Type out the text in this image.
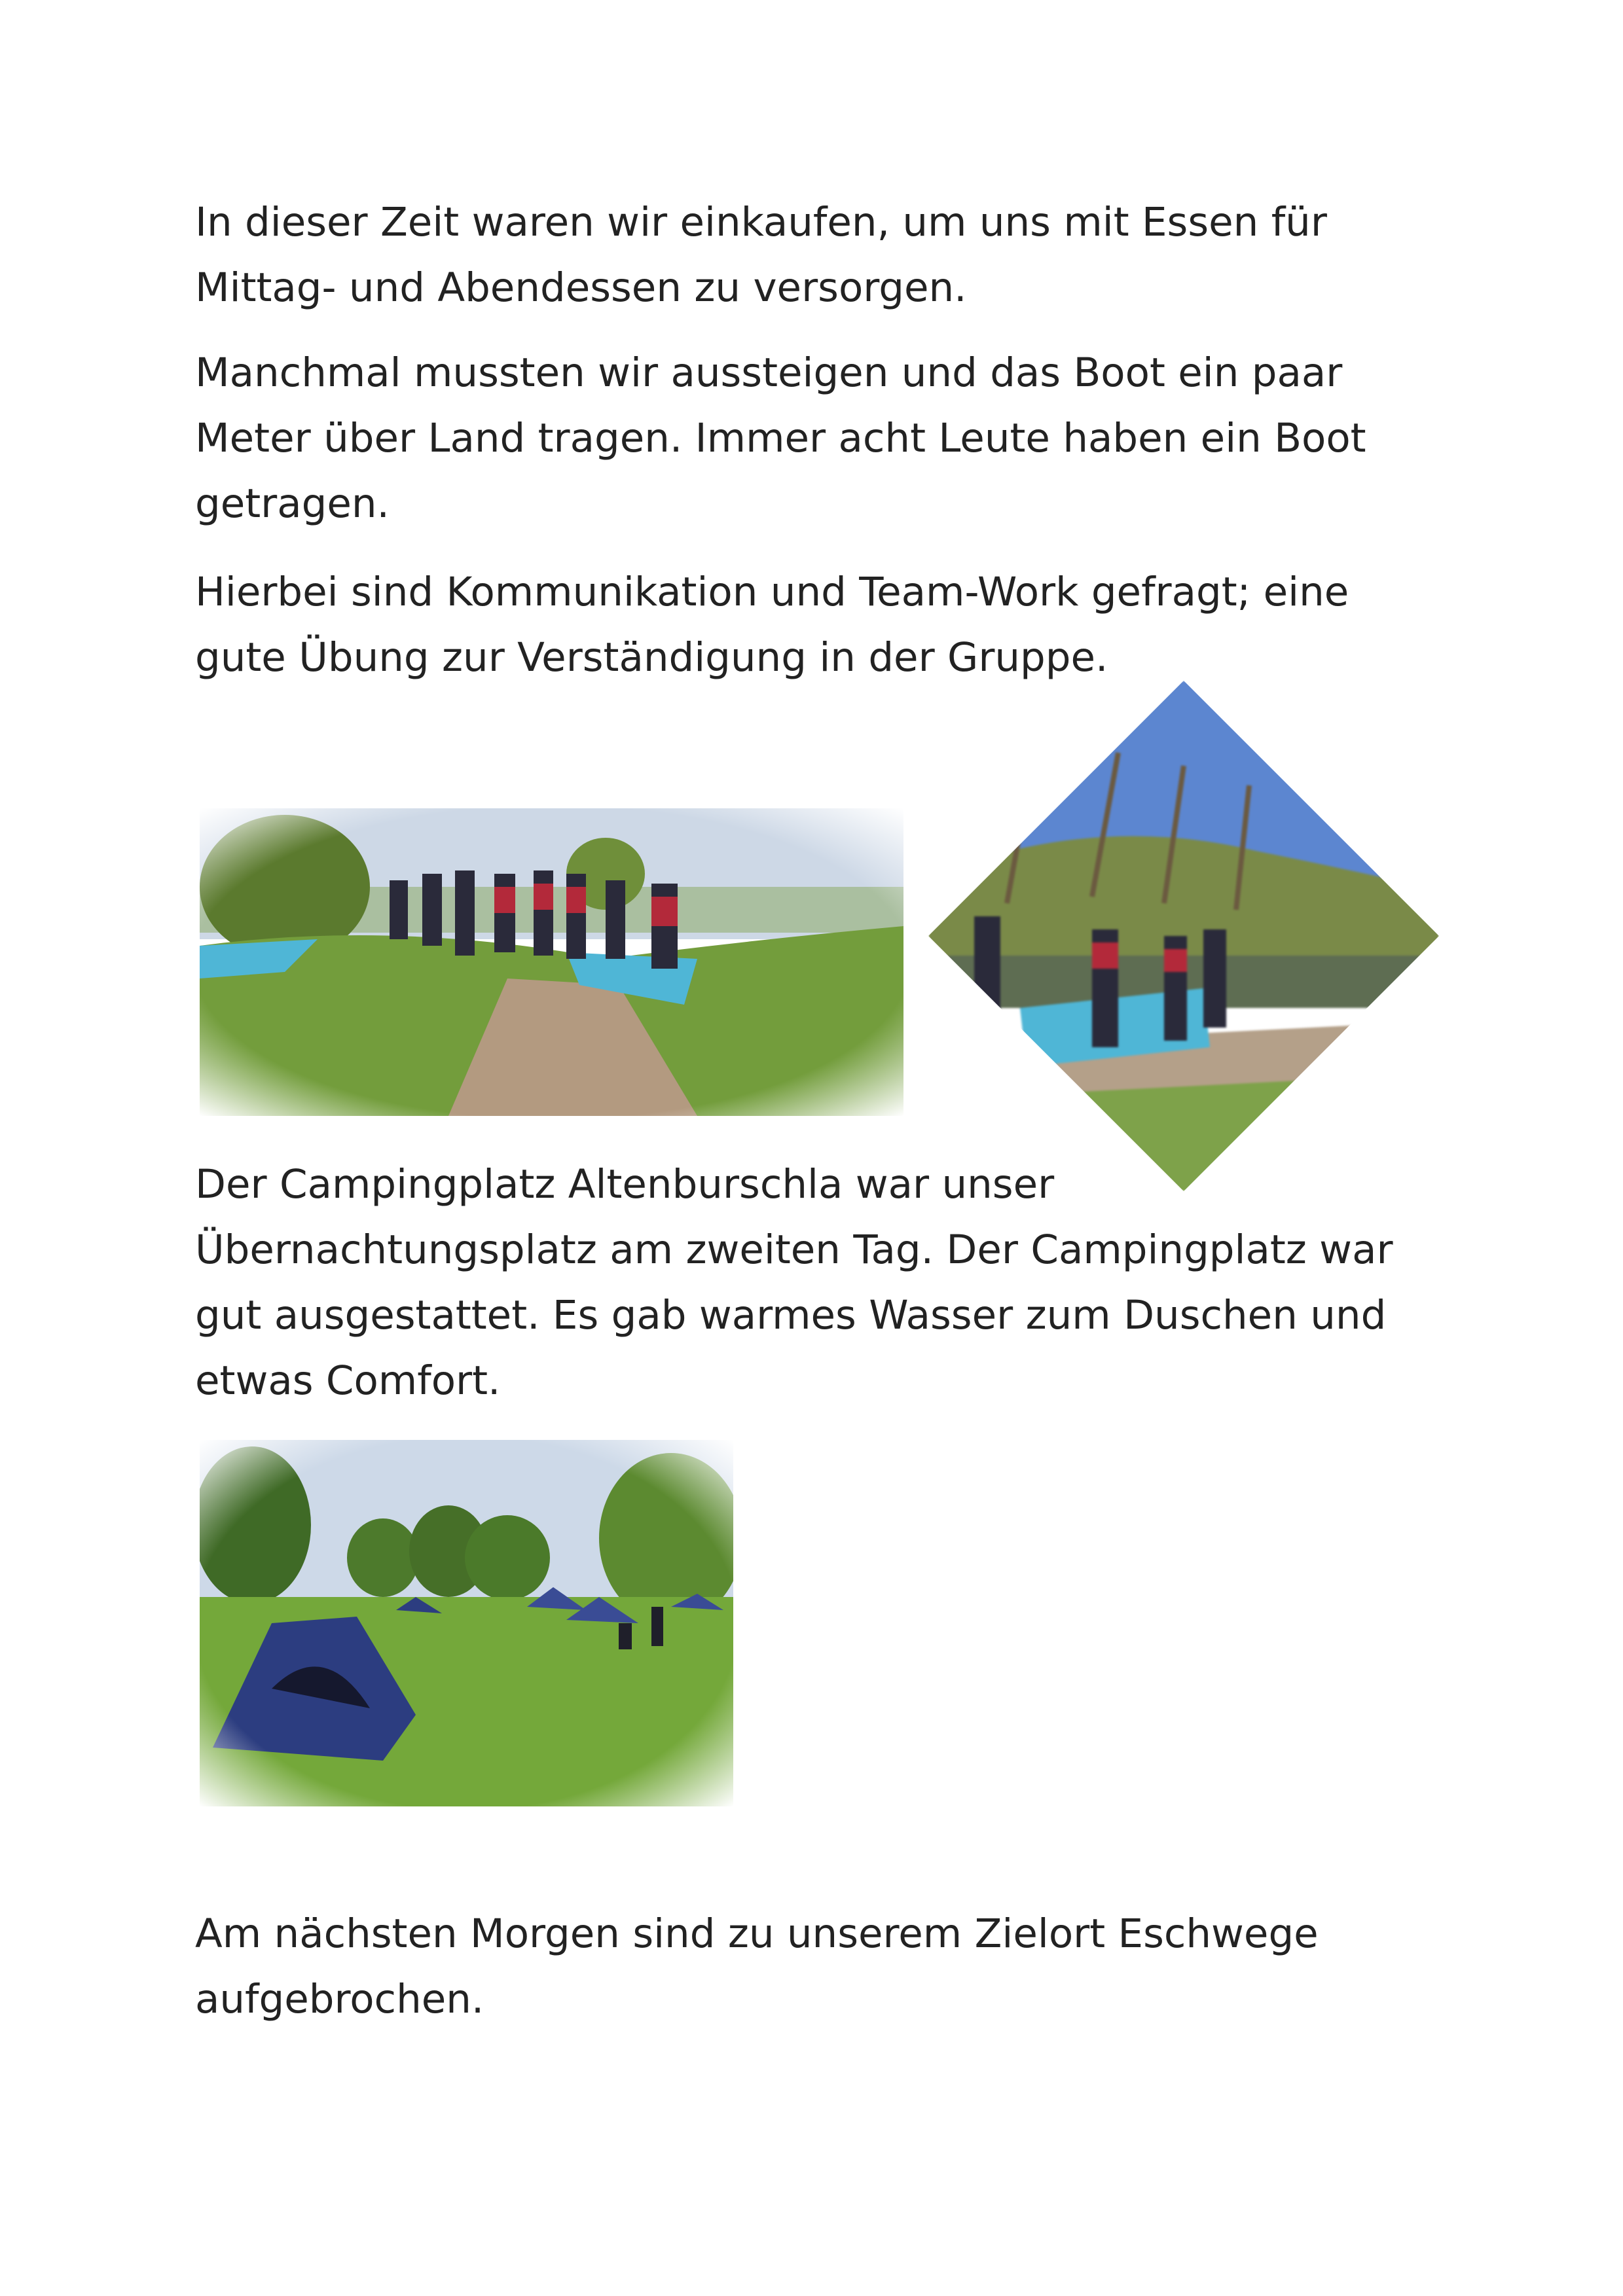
In dieser Zeit waren wir einkaufen, um uns mit Essen für
Mittag- und Abendessen zu versorgen.

Manchmal mussten wir aussteigen und das Boot ein paar
Meter über Land tragen. Immer acht Leute haben ein Boot
getragen.

Hierbei sind Kommunikation und Team-Work gefragt; eine
gute Übung zur Verständigung in der Gruppe.

Der Campingplatz Altenburschla war unser
Übernachtungsplatz am zweiten Tag. Der Campingplatz war
gut ausgestattet. Es gab warmes Wasser zum Duschen und
etwas Comfort.

Am nächsten Morgen sind zu unserem Zielort Eschwege
aufgebrochen.
